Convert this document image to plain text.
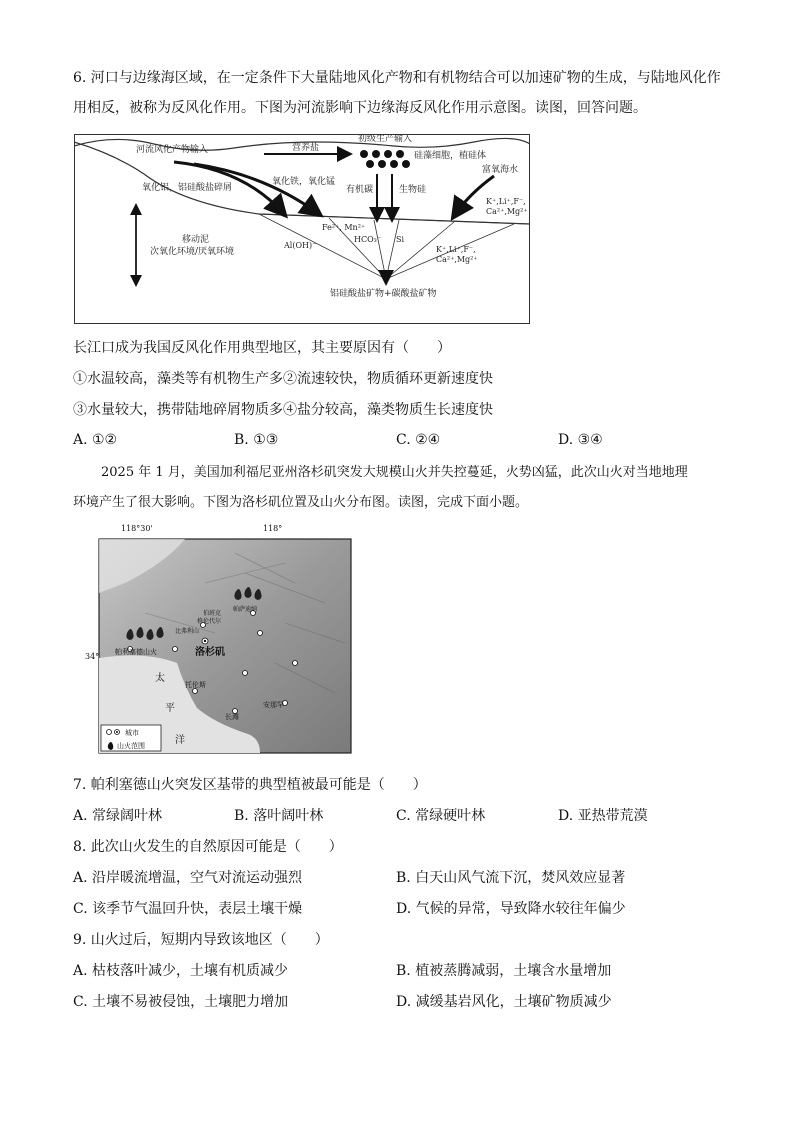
6. 河口与边缘海区域，在一定条件下大量陆地风化产物和有机物结合可以加速矿物的生成，与陆地风化作
用相反，被称为反风化作用。下图为河流影响下边缘海反风化作用示意图。读图，回答问题。
初级生产输入
河流风化产物输入	营养盐
硅藻细胞，植硅体
氧化铝，铝硅酸盐碎屑
氧化铁，氧化锰
有机碳	生物硅
富氧海水
K⁺,Li⁺,F⁻,
Ca²⁺,Mg²⁺
移动泥
次氧化环境/厌氧环境
Al(OH)⁻
Fe²⁺, Mn²⁺
HCO₃⁻ Si
K⁺,Li⁺,F⁻,
Ca²⁺,Mg²⁺
铝硅酸盐矿物+碳酸盐矿物
长江口成为我国反风化作用典型地区，其主要原因有（　　）
①水温较高，藻类等有机物生产多②流速较快，物质循环更新速度快
③水量较大，携带陆地碎屑物质多④盐分较高，藻类物质生长速度快
A. ①②	B. ①③	C. ②④	D. ③④
2025 年 1 月，美国加利福尼亚州洛杉矶突发大规模山火并失控蔓延，火势凶猛，此次山火对当地地理
环境产生了很大影响。下图为洛杉矶位置及山火分布图。读图，完成下面小题。
118°30'	118°
34° 帕利塞德山火	洛杉矶
比弗利山
帕萨迪纳
格伦代尔
伯班克
托伦斯
长滩
安那罕
太
平
洋
城市
山火范围
7. 帕利塞德山火突发区基带的典型植被最可能是（　　）
A. 常绿阔叶林	B. 落叶阔叶林	C. 常绿硬叶林	D. 亚热带荒漠
8. 此次山火发生的自然原因可能是（　　）
A. 沿岸暖流增温，空气对流运动强烈	B. 白天山风气流下沉，焚风效应显著
C. 该季节气温回升快，表层土壤干燥	D. 气候的异常，导致降水较往年偏少
9. 山火过后，短期内导致该地区（　　）
A. 枯枝落叶减少，土壤有机质减少	B. 植被蒸腾减弱，土壤含水量增加
C. 土壤不易被侵蚀，土壤肥力增加	D. 减缓基岩风化，土壤矿物质减少
